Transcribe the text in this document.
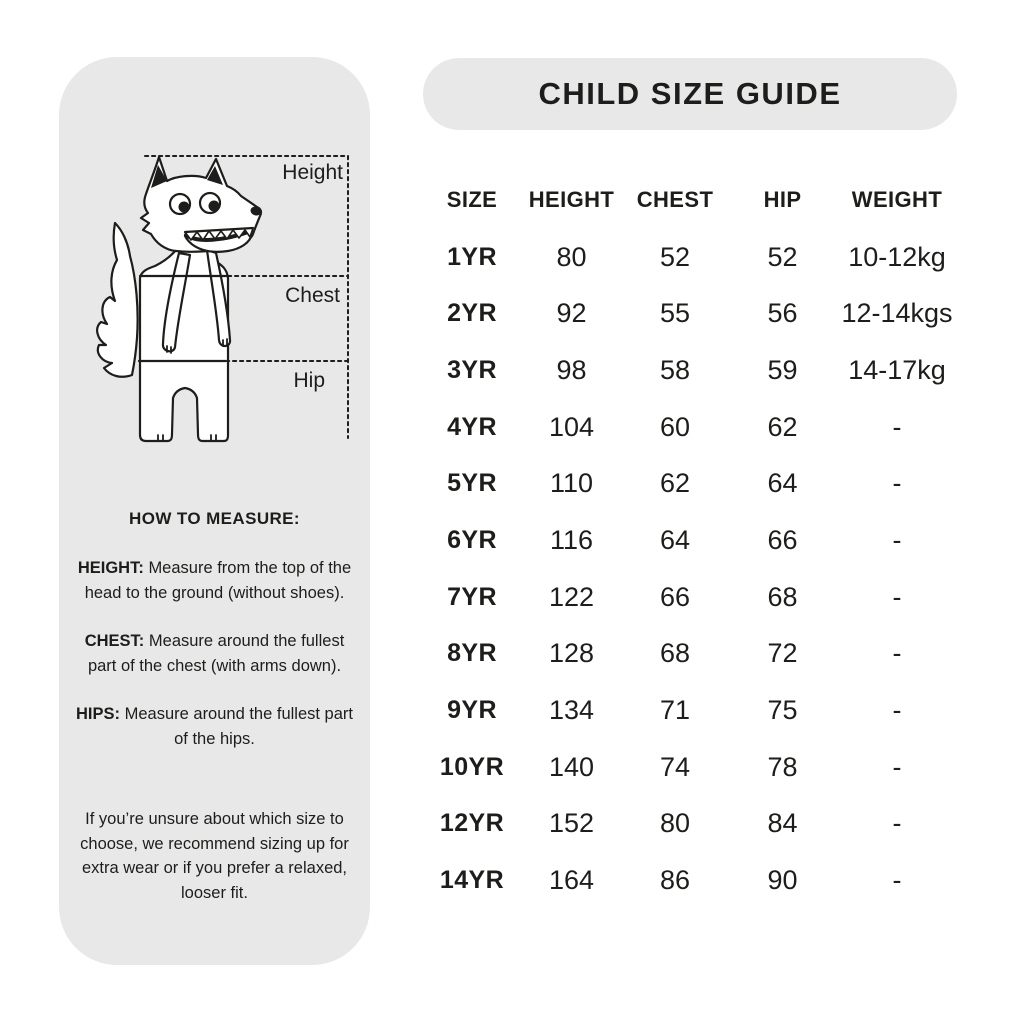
Height
Chest
Hip
HOW TO MEASURE:

HEIGHT: Measure from the top of the head to the ground (without shoes).

CHEST: Measure around the fullest part of the chest (with arms down).

HIPS: Measure around the fullest part of the hips.

If you’re unsure about which size to choose, we recommend sizing up for extra wear or if you prefer a relaxed, looser fit.

CHILD SIZE GUIDE
SIZE	HEIGHT	CHEST	HIP	WEIGHT
1YR	80	52	52	10-12kg
2YR	92	55	56	12-14kgs
3YR	98	58	59	14-17kg
4YR	104	60	62	-
5YR	110	62	64	-
6YR	116	64	66	-
7YR	122	66	68	-
8YR	128	68	72	-
9YR	134	71	75	-
10YR	140	74	78	-
12YR	152	80	84	-
14YR	164	86	90	-
